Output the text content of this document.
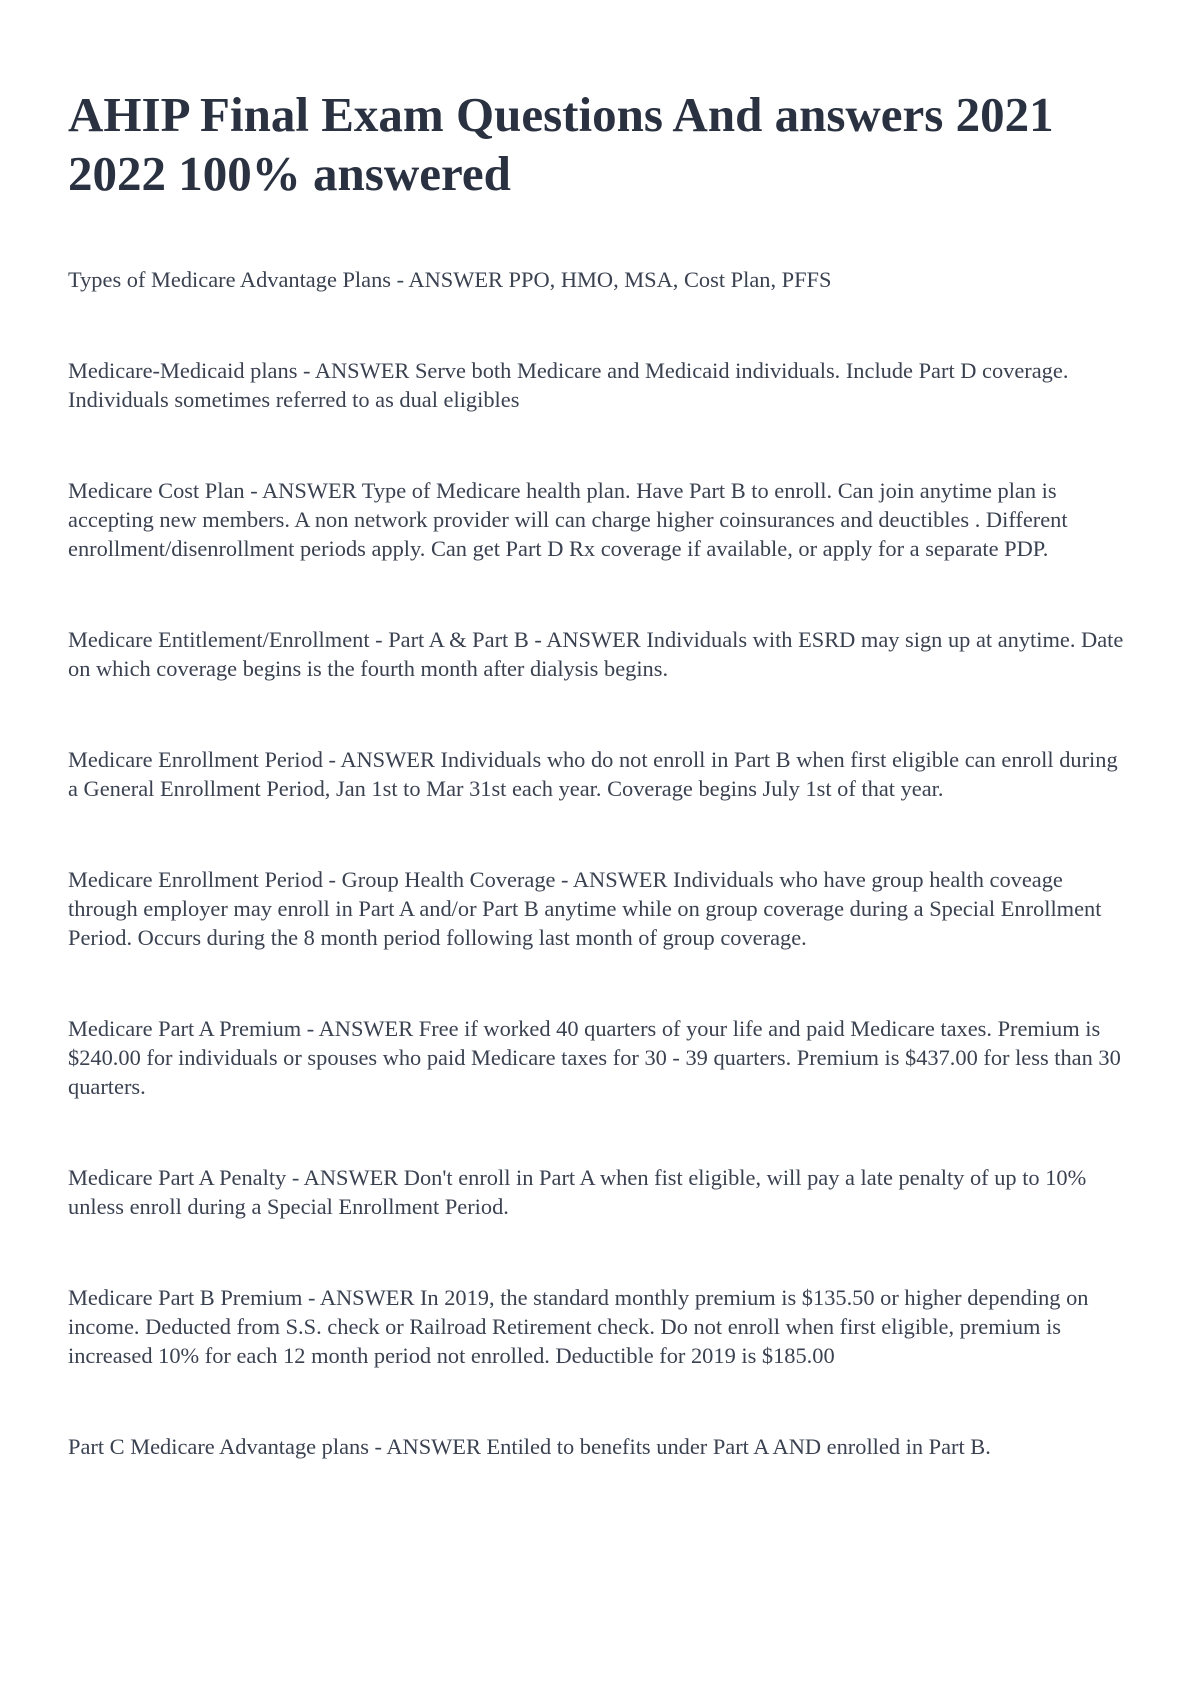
AHIP Final Exam Questions And answers 2021 2022 100% answered

Types of Medicare Advantage Plans - ANSWER PPO, HMO, MSA, Cost Plan, PFFS

Medicare-Medicaid plans - ANSWER Serve both Medicare and Medicaid individuals. Include Part D coverage. Individuals sometimes referred to as dual eligibles

Medicare Cost Plan - ANSWER Type of Medicare health plan. Have Part B to enroll. Can join anytime plan is accepting new members. A non network provider will can charge higher coinsurances and deuctibles . Different enrollment/disenrollment periods apply. Can get Part D Rx coverage if available, or apply for a separate PDP.

Medicare Entitlement/Enrollment - Part A & Part B - ANSWER Individuals with ESRD may sign up at anytime. Date on which coverage begins is the fourth month after dialysis begins.

Medicare Enrollment Period - ANSWER Individuals who do not enroll in Part B when first eligible can enroll during a General Enrollment Period, Jan 1st to Mar 31st each year. Coverage begins July 1st of that year.

Medicare Enrollment Period - Group Health Coverage - ANSWER Individuals who have group health coveage through employer may enroll in Part A and/or Part B anytime while on group coverage during a Special Enrollment Period. Occurs during the 8 month period following last month of group coverage.

Medicare Part A Premium - ANSWER Free if worked 40 quarters of your life and paid Medicare taxes. Premium is $240.00 for individuals or spouses who paid Medicare taxes for 30 - 39 quarters. Premium is $437.00 for less than 30 quarters.

Medicare Part A Penalty - ANSWER Don't enroll in Part A when fist eligible, will pay a late penalty of up to 10% unless enroll during a Special Enrollment Period.

Medicare Part B Premium - ANSWER In 2019, the standard monthly premium is $135.50 or higher depending on income. Deducted from S.S. check or Railroad Retirement check. Do not enroll when first eligible, premium is increased 10% for each 12 month period not enrolled. Deductible for 2019 is $185.00

Part C Medicare Advantage plans - ANSWER Entiled to benefits under Part A AND enrolled in Part B.
